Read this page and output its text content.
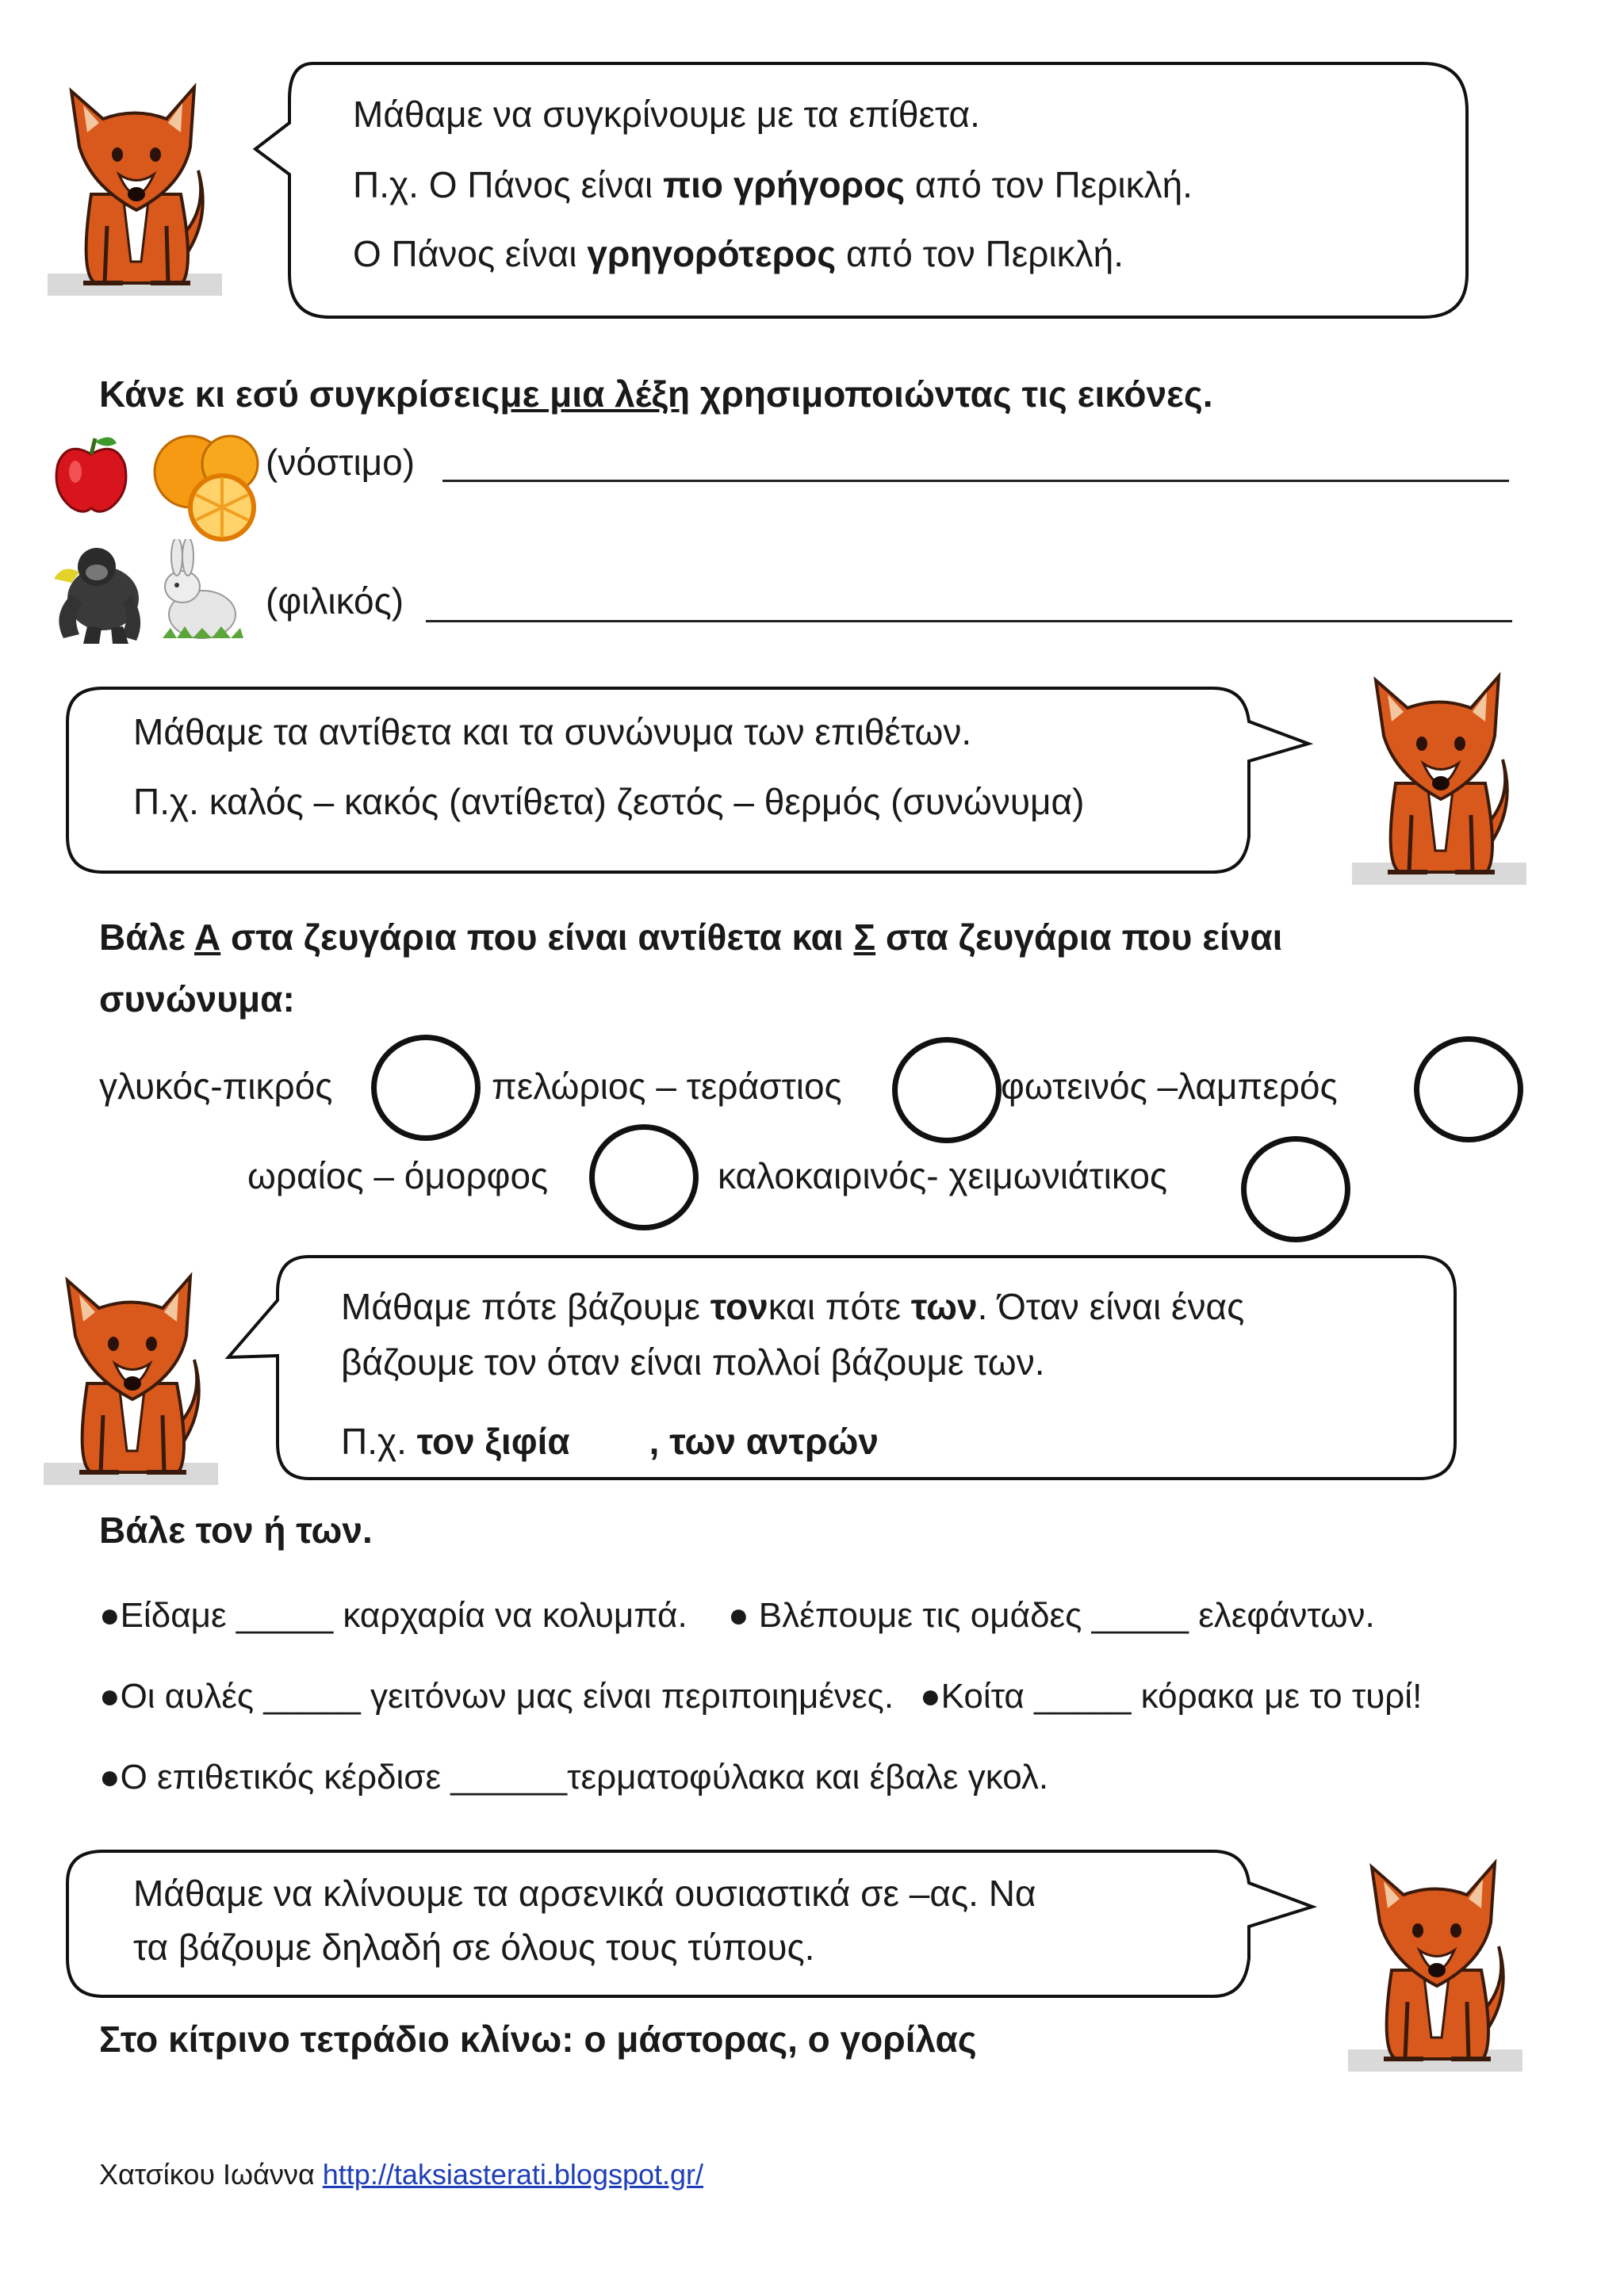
Μάθαμε να συγκρίνουμε με τα επίθετα.
Π.χ. Ο Πάνος είναι πιο γρήγορος από τον Περικλή.
Ο Πάνος είναι γρηγορότερος από τον Περικλή.
Κάνε κι εσύ συγκρίσειςμε μια λέξη χρησιμοποιώντας τις εικόνες.
(νόστιμο)
(φιλικός)
Μάθαμε τα αντίθετα και τα συνώνυμα των επιθέτων.
Π.χ. καλός – κακός (αντίθετα) ζεστός – θερμός (συνώνυμα)
Βάλε Α στα ζευγάρια που είναι αντίθετα και Σ στα ζευγάρια που είναι
συνώνυμα:
γλυκός-πικρός	πελώριος – τεράστιος	φωτεινός –λαμπερός
ωραίος – όμορφος	καλοκαιρινός- χειμωνιάτικος
Μάθαμε πότε βάζουμε τονκαι πότε των. Όταν είναι ένας
βάζουμε τον όταν είναι πολλοί βάζουμε των.
Π.χ. τον ξιφία , των αντρών
Βάλε τον ή των.
●Είδαμε _____ καρχαρία να κολυμπά. ● Βλέπουμε τις ομάδες _____ ελεφάντων.
●Οι αυλές _____ γειτόνων μας είναι περιποιημένες. ●Κοίτα _____ κόρακα με το τυρί!
●Ο επιθετικός κέρδισε ______τερματοφύλακα και έβαλε γκολ.
Μάθαμε να κλίνουμε τα αρσενικά ουσιαστικά σε –ας. Να
τα βάζουμε δηλαδή σε όλους τους τύπους.
Στο κίτρινο τετράδιο κλίνω: ο μάστορας, ο γορίλας
Χατσίκου Ιωάννα http://taksiasterati.blogspot.gr/
